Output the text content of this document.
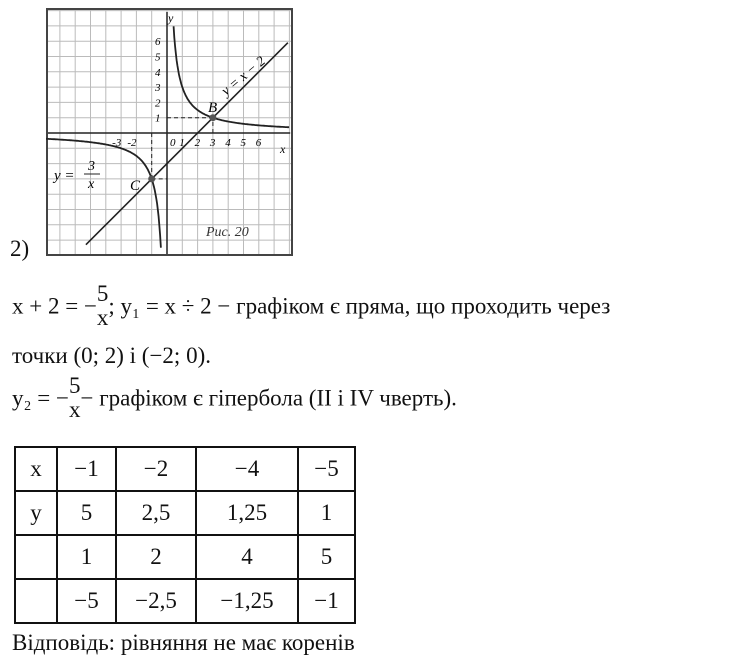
-3 -2	0 1 2 3 4 5 6
1
2
3
4
5
6
Рис. 20
y
x
y = x − 2
y =
3
x
B
C
2)
x + 2 = − 5
x ; y₁ = x ÷ 2 − графіком є пряма, що проходить через
точки (0; 2) і (−2; 0).
y₂ = − 5
x − графіком є гіпербола (II і IV чверть).
x	−1	−2	−4	−5
y	5	2,5	1,25	1
	1	2	4	5
	−5	−2,5	−1,25	−1
Відповідь: рівняння не має коренів
